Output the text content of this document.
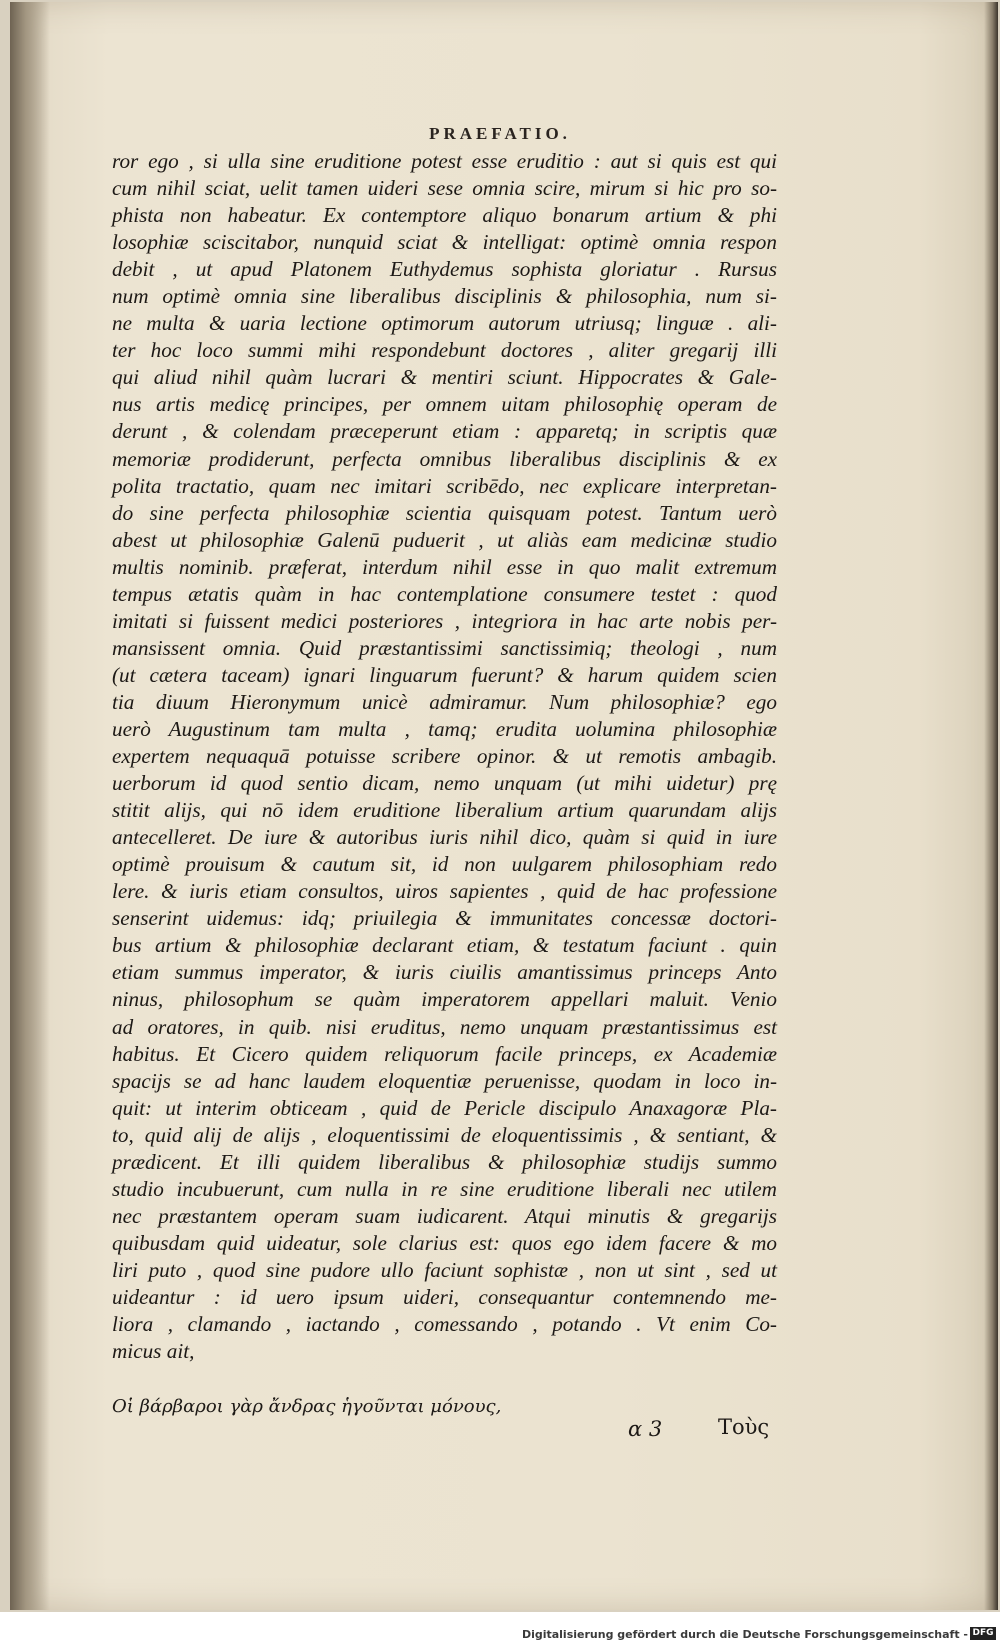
PRAEFATIO.
ror ego , si ulla sine eruditione potest esse eruditio : aut si quis est qui
cum nihil sciat, uelit tamen uideri sese omnia scire, mirum si hic pro so-
phista non habeatur. Ex contemptore aliquo bonarum artium & phi
losophiæ sciscitabor, nunquid sciat & intelligat: optimè omnia respon
debit , ut apud Platonem Euthydemus sophista gloriatur . Rursus
num optimè omnia sine liberalibus disciplinis & philosophia, num si-
ne multa & uaria lectione optimorum autorum utriusq; linguæ . ali-
ter hoc loco summi mihi respondebunt doctores , aliter gregarij illi
qui aliud nihil quàm lucrari & mentiri sciunt. Hippocrates & Gale-
nus artis medicę principes, per omnem uitam philosophię operam de
derunt , & colendam præceperunt etiam : apparetq; in scriptis quæ
memoriæ prodiderunt, perfecta omnibus liberalibus disciplinis & ex
polita tractatio, quam nec imitari scribēdo, nec explicare interpretan-
do sine perfecta philosophiæ scientia quisquam potest. Tantum uerò
abest ut philosophiæ Galenū puduerit , ut aliàs eam medicinæ studio
multis nominib. præferat, interdum nihil esse in quo malit extremum
tempus ætatis quàm in hac contemplatione consumere testet : quod
imitati si fuissent medici posteriores , integriora in hac arte nobis per-
mansissent omnia. Quid præstantissimi sanctissimiq; theologi , num
(ut cætera taceam) ignari linguarum fuerunt? & harum quidem scien
tia diuum Hieronymum unicè admiramur. Num philosophiæ? ego
uerò Augustinum tam multa , tamq; erudita uolumina philosophiæ
expertem nequaquā potuisse scribere opinor. & ut remotis ambagib.
uerborum id quod sentio dicam, nemo unquam (ut mihi uidetur) prę
stitit alijs, qui nō idem eruditione liberalium artium quarundam alijs
antecelleret. De iure & autoribus iuris nihil dico, quàm si quid in iure
optimè prouisum & cautum sit, id non uulgarem philosophiam redo
lere. & iuris etiam consultos, uiros sapientes , quid de hac professione
senserint uidemus: idq; priuilegia & immunitates concessæ doctori-
bus artium & philosophiæ declarant etiam, & testatum faciunt . quin
etiam summus imperator, & iuris ciuilis amantissimus princeps Anto
ninus, philosophum se quàm imperatorem appellari maluit. Venio
ad oratores, in quib. nisi eruditus, nemo unquam præstantissimus est
habitus. Et Cicero quidem reliquorum facile princeps, ex Academiæ
spacijs se ad hanc laudem eloquentiæ peruenisse, quodam in loco in-
quit: ut interim obticeam , quid de Pericle discipulo Anaxagoræ Pla-
to, quid alij de alijs , eloquentissimi de eloquentissimis , & sentiant, &
prædicent. Et illi quidem liberalibus & philosophiæ studijs summo
studio incubuerunt, cum nulla in re sine eruditione liberali nec utilem
nec præstantem operam suam iudicarent. Atqui minutis & gregarijs
quibusdam quid uideatur, sole clarius est: quos ego idem facere & mo
liri puto , quod sine pudore ullo faciunt sophistæ , non ut sint , sed ut
uideantur : id uero ipsum uideri, consequantur contemnendo me-
liora , clamando , iactando , comessando , potando . Vt enim Co-
micus ait,
Οἱ βάρβαροι γὰρ ἄνδρας ἡγοῦνται μόνους,
α 3	Τοὺς
Digitalisierung gefördert durch die Deutsche Forschungsgemeinschaft - DFG
